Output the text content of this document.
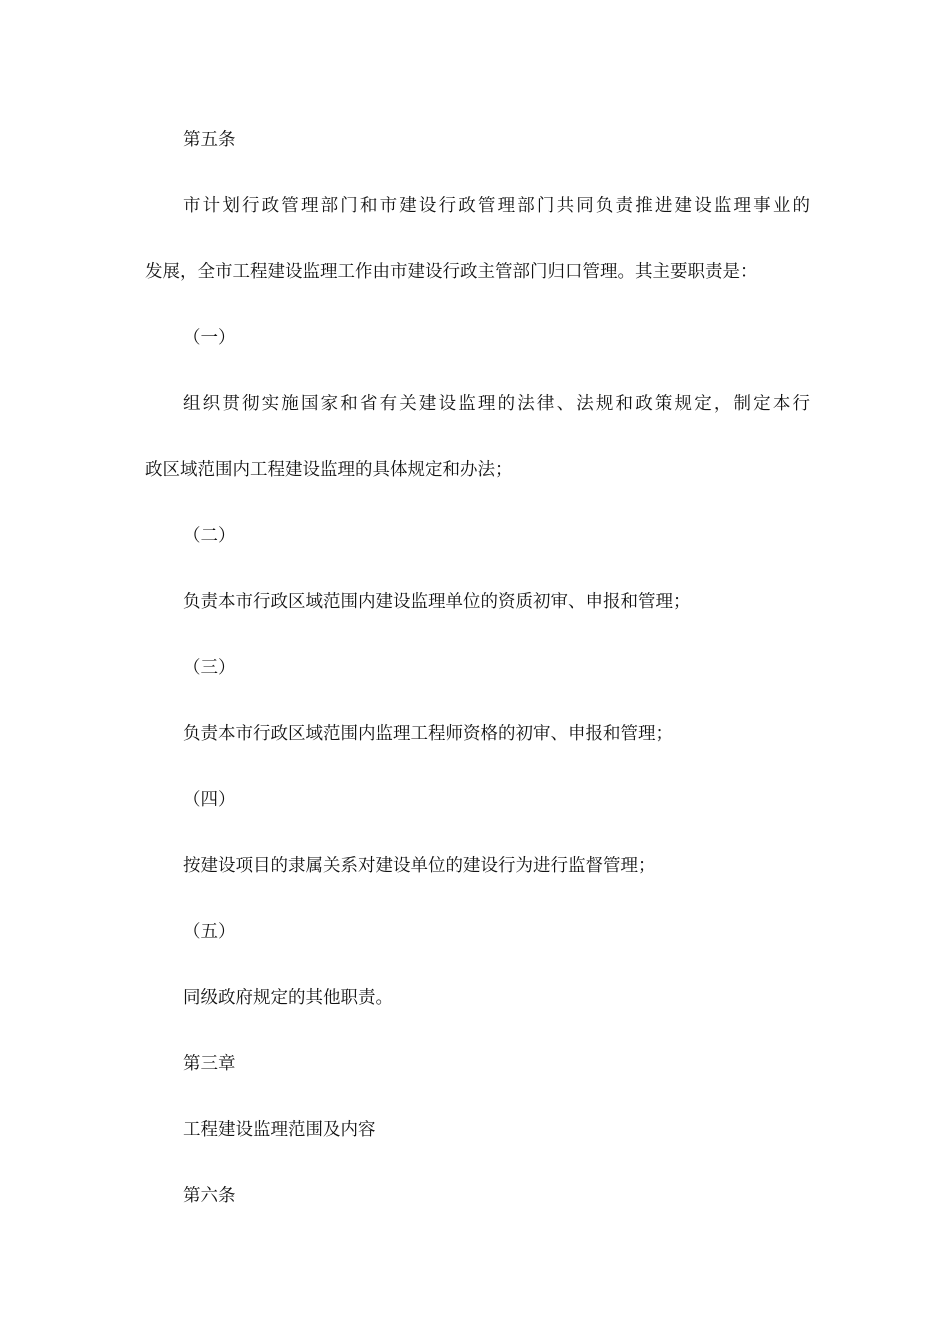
第五条

市计划行政管理部门和市建设行政管理部门共同负责推进建设监理事业的

发展，全市工程建设监理工作由市建设行政主管部门归口管理。其主要职责是：

（一）

组织贯彻实施国家和省有关建设监理的法律、法规和政策规定，制定本行

政区域范围内工程建设监理的具体规定和办法；

（二）

负责本市行政区域范围内建设监理单位的资质初审、申报和管理；

（三）

负责本市行政区域范围内监理工程师资格的初审、申报和管理；

（四）

按建设项目的隶属关系对建设单位的建设行为进行监督管理；

（五）

同级政府规定的其他职责。

第三章

工程建设监理范围及内容

第六条
